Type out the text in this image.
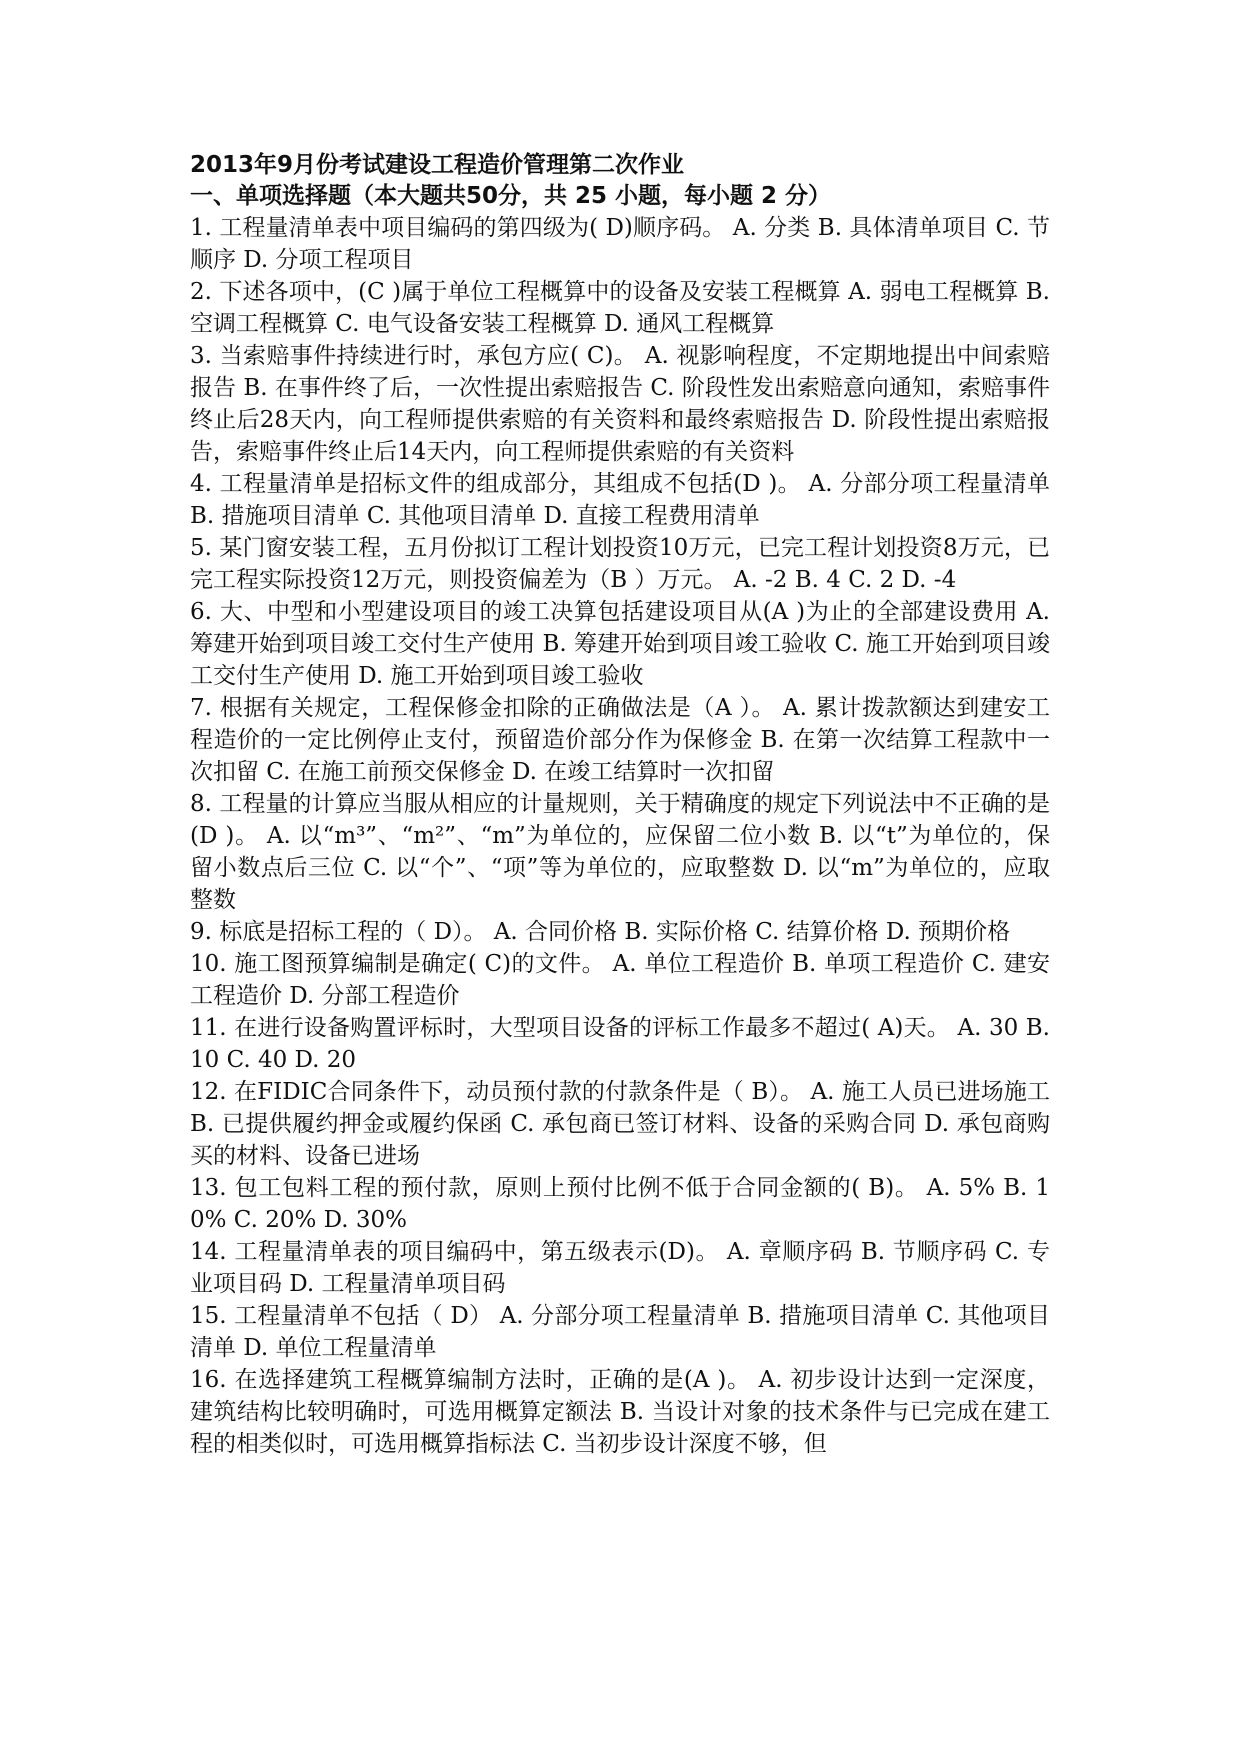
2013年9月份考试建设工程造价管理第二次作业
一、单项选择题（本大题共50分，共 25 小题，每小题 2 分）

1. 工程量清单表中项目编码的第四级为( D)顺序码。 A. 分类 B. 具体清单项目 C. 节顺序 D. 分项工程项目

2. 下述各项中，(C )属于单位工程概算中的设备及安装工程概算 A. 弱电工程概算 B. 空调工程概算 C. 电气设备安装工程概算 D. 通风工程概算

3. 当索赔事件持续进行时，承包方应( C)。 A. 视影响程度，不定期地提出中间索赔报告 B. 在事件终了后，一次性提出索赔报告 C. 阶段性发出索赔意向通知，索赔事件终止后28天内，向工程师提供索赔的有关资料和最终索赔报告 D. 阶段性提出索赔报告，索赔事件终止后14天内，向工程师提供索赔的有关资料

4. 工程量清单是招标文件的组成部分，其组成不包括(D )。 A. 分部分项工程量清单 B. 措施项目清单 C. 其他项目清单 D. 直接工程费用清单

5. 某门窗安装工程，五月份拟订工程计划投资10万元，已完工程计划投资8万元，已完工程实际投资12万元，则投资偏差为（B ）万元。 A. -2 B. 4 C. 2 D. -4

6. 大、中型和小型建设项目的竣工决算包括建设项目从(A )为止的全部建设费用 A. 筹建开始到项目竣工交付生产使用 B. 筹建开始到项目竣工验收 C. 施工开始到项目竣工交付生产使用 D. 施工开始到项目竣工验收

7. 根据有关规定，工程保修金扣除的正确做法是（A ）。 A. 累计拨款额达到建安工程造价的一定比例停止支付，预留造价部分作为保修金 B. 在第一次结算工程款中一次扣留 C. 在施工前预交保修金 D. 在竣工结算时一次扣留

8. 工程量的计算应当服从相应的计量规则，关于精确度的规定下列说法中不正确的是(D )。 A. 以“m³”、“m²”、“m”为单位的，应保留二位小数 B. 以“t”为单位的，保留小数点后三位 C. 以“个”、“项”等为单位的，应取整数 D. 以“m”为单位的，应取整数

9. 标底是招标工程的（ D）。 A. 合同价格 B. 实际价格 C. 结算价格 D. 预期价格

10. 施工图预算编制是确定( C)的文件。 A. 单位工程造价 B. 单项工程造价 C. 建安工程造价 D. 分部工程造价

11. 在进行设备购置评标时，大型项目设备的评标工作最多不超过( A)天。 A. 30 B. 10 C. 40 D. 20

12. 在FIDIC合同条件下，动员预付款的付款条件是（ B）。 A. 施工人员已进场施工 B. 已提供履约押金或履约保函 C. 承包商已签订材料、设备的采购合同 D. 承包商购买的材料、设备已进场

13. 包工包料工程的预付款，原则上预付比例不低于合同金额的( B)。 A. 5% B. 10% C. 20% D. 30%

14. 工程量清单表的项目编码中，第五级表示(D)。 A. 章顺序码 B. 节顺序码 C. 专业项目码 D. 工程量清单项目码

15. 工程量清单不包括（ D） A. 分部分项工程量清单 B. 措施项目清单 C. 其他项目清单 D. 单位工程量清单

16. 在选择建筑工程概算编制方法时，正确的是(A )。 A. 初步设计达到一定深度，建筑结构比较明确时，可选用概算定额法 B. 当设计对象的技术条件与已完成在建工程的相类似时，可选用概算指标法 C. 当初步设计深度不够，但
